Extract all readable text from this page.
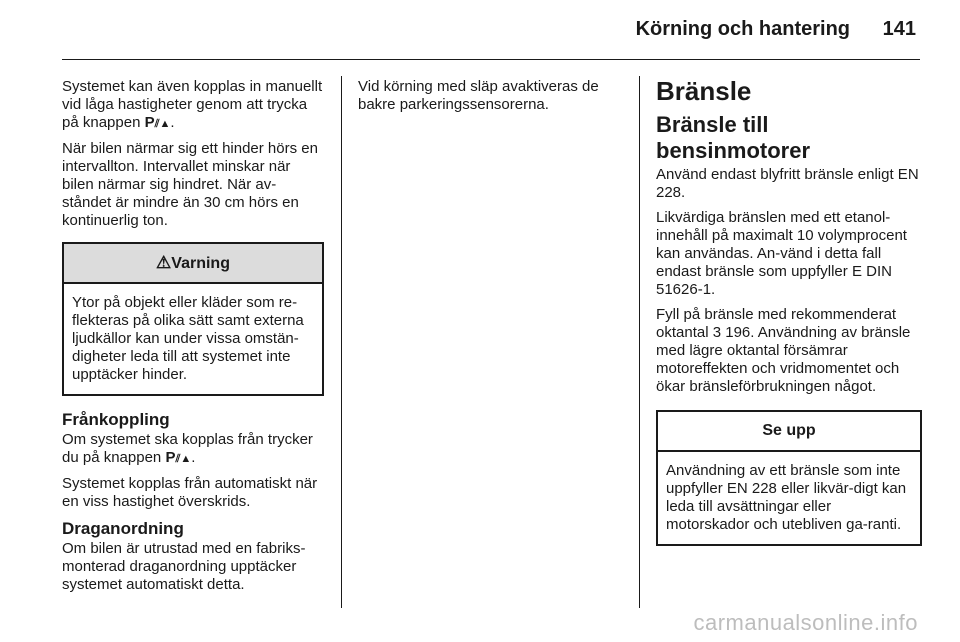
Körning och hantering 141

Systemet kan även kopplas in manuellt vid låga hastigheter genom att trycka på knappen P⫽▲.

När bilen närmar sig ett hinder hörs en intervallton. Intervallet minskar när bilen närmar sig hindret. När av-ståndet är mindre än 30 cm hörs en kontinuerlig ton.

⚠Varning
Ytor på objekt eller kläder som re-flekteras på olika sätt samt externa ljudkällor kan under vissa omstän-digheter leda till att systemet inte upptäcker hinder.
Frånkoppling

Om systemet ska kopplas från trycker du på knappen P⫽▲.

Systemet kopplas från automatiskt när en viss hastighet överskrids.

Draganordning

Om bilen är utrustad med en fabriks-monterad draganordning upptäcker systemet automatiskt detta.

Vid körning med släp avaktiveras de bakre parkeringssensorerna.	Bränsle
Bränsle till bensinmotorer

Använd endast blyfritt bränsle enligt EN 228.

Likvärdiga bränslen med ett etanol-innehåll på maximalt 10 volymprocent kan användas. An-vänd i detta fall endast bränsle som uppfyller E DIN 51626-1.

Fyll på bränsle med rekommenderat oktantal 3 196. Användning av bränsle med lägre oktantal försämrar motoreffekten och vridmomentet och ökar bränsleförbrukningen något.

Se upp
Användning av ett bränsle som inte uppfyller EN 228 eller likvär-digt kan leda till avsättningar eller motorskador och utebliven ga-ranti.
carmanualsonline.info
